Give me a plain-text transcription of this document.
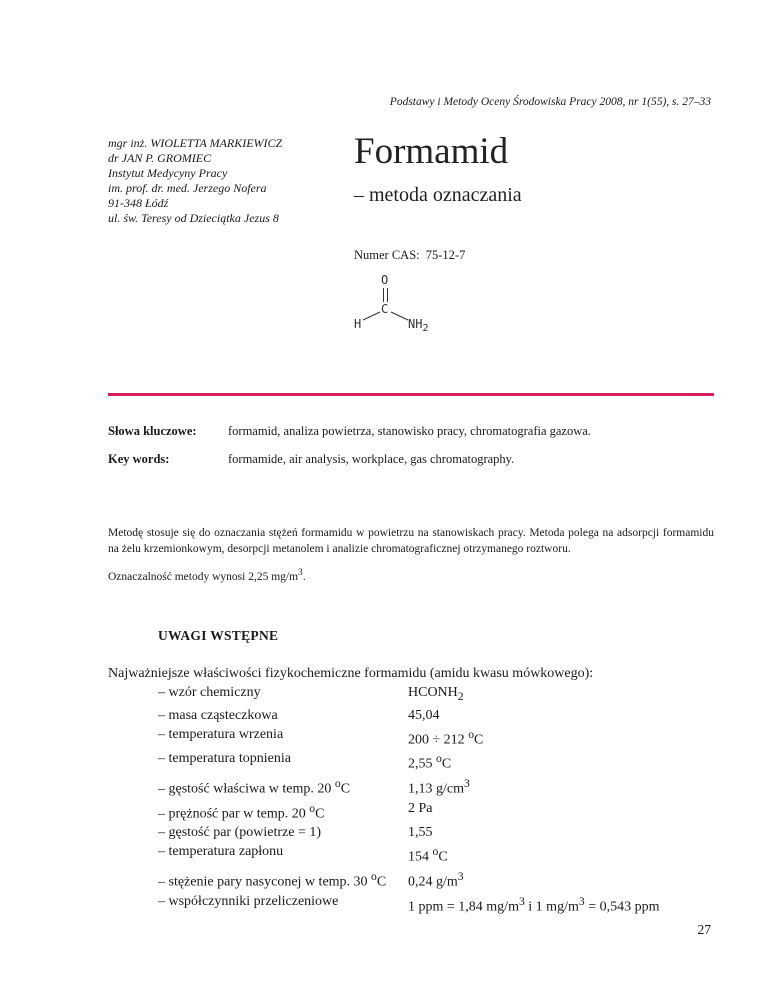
Podstawy i Metody Oceny Środowiska Pracy 2008, nr 1(55), s. 27–33
mgr inż. WIOLETTA MARKIEWICZ
dr JAN P. GROMIEC
Instytut Medycyny Pracy
im. prof. dr. med. Jerzego Nofera
91-348 Łódź
ul. św. Teresy od Dzieciątka Jezus 8
Formamid
– metoda oznaczania
Numer CAS: 75-12-7
O
C
H	$NH_2$
Słowa kluczowe:	formamid, analiza powietrza, stanowisko pracy, chromatografia gazowa.
Key words:	formamide, air analysis, workplace, gas chromatography.

Metodę stosuje się do oznaczania stężeń formamidu w powietrzu na stanowiskach pracy. Metoda polega na adsorpcji formamidu na żelu krzemionkowym, desorpcji metanolem i analizie chromatograficznej otrzymanego roztworu.

Oznaczalność metody wynosi 2,25 $mg/m^3$.

UWAGI WSTĘPNE
Najważniejsze właściwości fizykochemiczne formamidu (amidu kwasu mówkowego):
– wzór chemiczny	$HCONH_2$
– masa cząsteczkowa	45,04
– temperatura wrzenia	200 ÷ 212 $^o$C
– temperatura topnienia	2,55 $^o$C
– gęstość właściwa w temp. 20 $^o$C	1,13 $g/cm^3$
– prężność par w temp. 20 $^o$C	2 Pa
– gęstość par (powietrze = 1)	1,55
– temperatura zapłonu	154 $^o$C
– stężenie pary nasyconej w temp. 30 $^o$C	0,24 $g/m^3$
– współczynniki przeliczeniowe	1 ppm = 1,84 $mg/m^3$ i 1 $mg/m^3 = 0,543$ ppm
27
